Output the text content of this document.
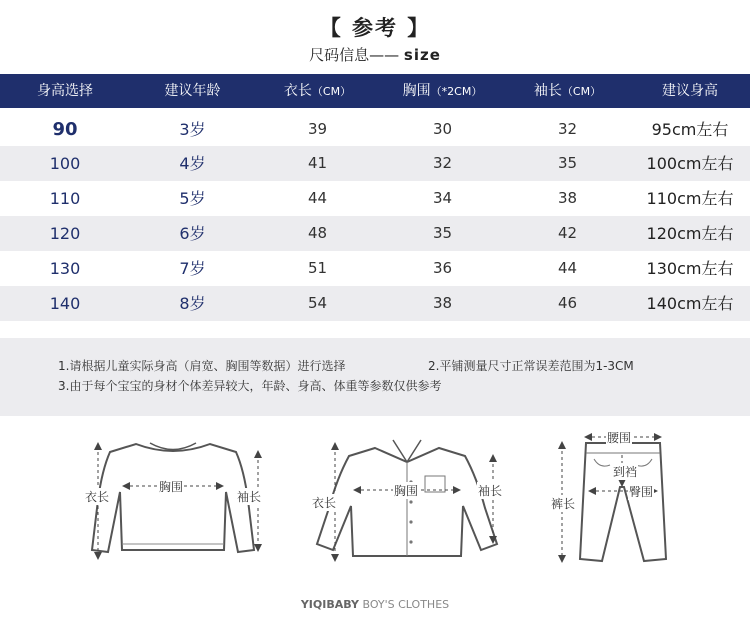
【 参考 】
尺码信息—— size
身高选择	建议年龄	衣长（CM）	胸围（*2CM）	袖长（CM）	建议身高
90	3岁	39	30	32	95cm左右
100	4岁	41	32	35	100cm左右
110	5岁	44	34	38	110cm左右
120	6岁	48	35	42	120cm左右
130	7岁	51	36	44	130cm左右
140	8岁	54	38	46	140cm左右
1.请根据儿童实际身高（肩宽、胸围等数据）进行选择	2.平铺测量尺寸正常误差范围为1-3CM
3.由于每个宝宝的身材个体差异较大，年龄、身高、体重等参数仅供参考
衣长
胸围
袖长	衣长
胸围	袖长
腰围
裤长
到裆
臀围
YIQIBABY BOY'S CLOTHES
